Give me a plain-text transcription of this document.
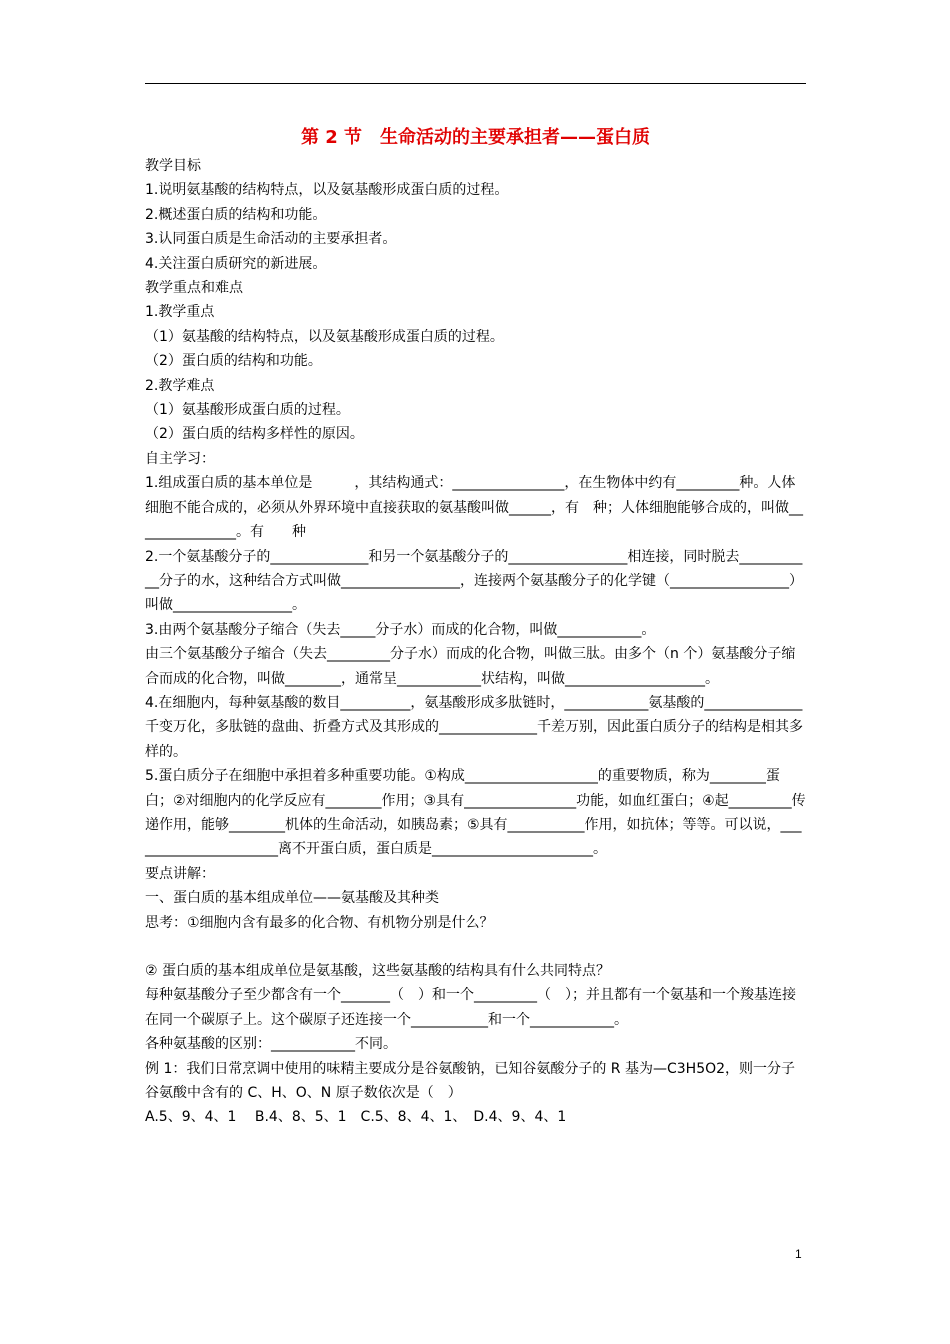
第 2 节　生命活动的主要承担者——蛋白质
教学目标
1.说明氨基酸的结构特点，以及氨基酸形成蛋白质的过程。
2.概述蛋白质的结构和功能。
3.认同蛋白质是生命活动的主要承担者。
4.关注蛋白质研究的新进展。
教学重点和难点
1.教学重点
（1）氨基酸的结构特点，以及氨基酸形成蛋白质的过程。
（2）蛋白质的结构和功能。
2.教学难点
（1）氨基酸形成蛋白质的过程。
（2）蛋白质的结构多样性的原因。
自主学习：
1.组成蛋白质的基本单位是　　　，其结构通式：________________，在生物体中约有_________种。人体细胞不能合成的，必须从外界环境中直接获取的氨基酸叫做______，有　种；人体细胞能够合成的，叫做_______________。有　　种
2.一个氨基酸分子的______________和另一个氨基酸分子的_________________相连接，同时脱去___________分子的水，这种结合方式叫做_________________，连接两个氨基酸分子的化学键（_________________）叫做_________________。
3.由两个氨基酸分子缩合（失去_____分子水）而成的化合物，叫做____________。
由三个氨基酸分子缩合（失去_________分子水）而成的化合物，叫做三肽。由多个（n 个）氨基酸分子缩合而成的化合物，叫做________，通常呈____________状结构，叫做____________________。
4.在细胞内，每种氨基酸的数目__________，氨基酸形成多肽链时，____________氨基酸的______________千变万化，多肽链的盘曲、折叠方式及其形成的______________千差万别，因此蛋白质分子的结构是相其多样的。
5.蛋白质分子在细胞中承担着多种重要功能。①构成___________________的重要物质，称为________蛋白；②对细胞内的化学反应有________作用；③具有________________功能，如血红蛋白；④起_________传递作用，能够________机体的生命活动，如胰岛素；⑤具有___________作用，如抗体；等等。可以说，______________________离不开蛋白质，蛋白质是_______________________。
要点讲解：
一、蛋白质的基本组成单位——氨基酸及其种类
思考：①细胞内含有最多的化合物、有机物分别是什么？
② 蛋白质的基本组成单位是氨基酸，这些氨基酸的结构具有什么共同特点？
每种氨基酸分子至少都含有一个_______（　）和一个_________（　）；并且都有一个氨基和一个羧基连接在同一个碳原子上。这个碳原子还连接一个___________和一个____________。
各种氨基酸的区别：____________不同。
例 1：我们日常烹调中使用的味精主要成分是谷氨酸钠，已知谷氨酸分子的 R 基为—C3H5O2，则一分子谷氨酸中含有的 C、H、O、N 原子数依次是（　）
A.5、9、4、1　 B.4、8、5、1　C.5、8、4、1、　D.4、9、4、1
1
